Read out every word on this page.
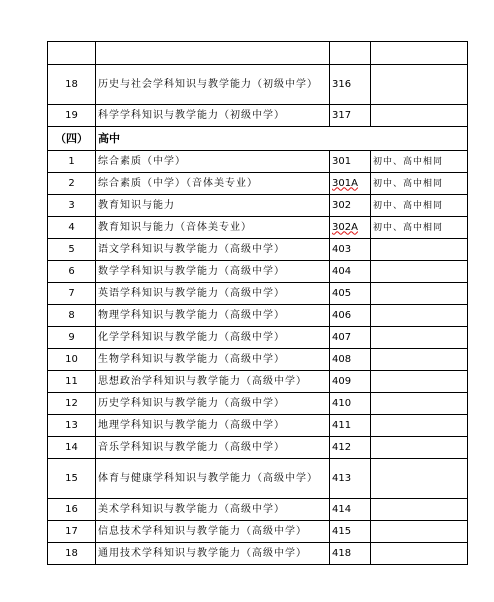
18	历史与社会学科知识与教学能力（初级中学）	316	
19	科学学科知识与教学能力（初级中学）	317	
（四）	高中		
1	综合素质（中学）	301	初中、高中相同
2	综合素质（中学）（音体美专业）	301A	初中、高中相同
3	教育知识与能力	302	初中、高中相同
4	教育知识与能力（音体美专业）	302A	初中、高中相同
5	语文学科知识与教学能力（高级中学）	403	
6	数学学科知识与教学能力（高级中学）	404	
7	英语学科知识与教学能力（高级中学）	405	
8	物理学科知识与教学能力（高级中学）	406	
9	化学学科知识与教学能力（高级中学）	407	
10	生物学科知识与教学能力（高级中学）	408	
11	思想政治学科知识与教学能力（高级中学）	409	
12	历史学科知识与教学能力（高级中学）	410	
13	地理学科知识与教学能力（高级中学）	411	
14	音乐学科知识与教学能力（高级中学）	412	
15	体育与健康学科知识与教学能力（高级中学）	413	
16	美术学科知识与教学能力（高级中学）	414	
17	信息技术学科知识与教学能力（高级中学）	415	
18	通用技术学科知识与教学能力（高级中学）	418	
